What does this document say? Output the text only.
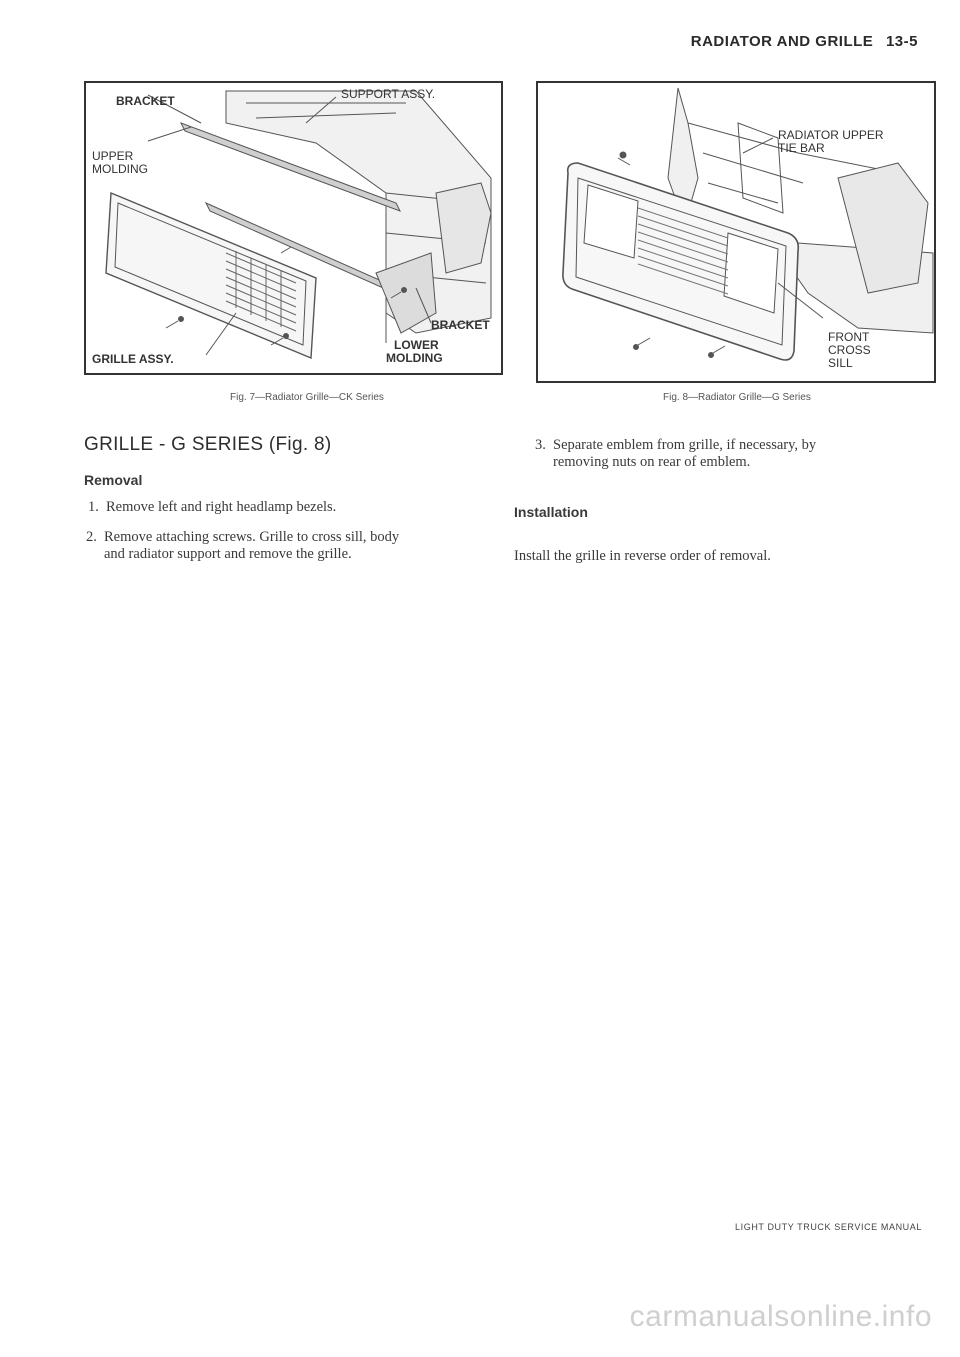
RADIATOR AND GRILLE 13-5
BRACKET	SUPPORT ASSY.
UPPER
MOLDING
BRACKET
LOWER
MOLDING
GRILLE ASSY.
Fig. 7—Radiator Grille—CK Series
RADIATOR UPPER
TIE BAR
FRONT
CROSS
SILL
Fig. 8—Radiator Grille—G Series
GRILLE - G SERIES (Fig. 8)
Removal
1. Remove left and right headlamp bezels.
2. Remove attaching screws. Grille to cross sill, body
and radiator support and remove the grille.
3. Separate emblem from grille, if necessary, by
removing nuts on rear of emblem.
Installation
Install the grille in reverse order of removal.
LIGHT DUTY TRUCK SERVICE MANUAL
carmanualsonline.info
